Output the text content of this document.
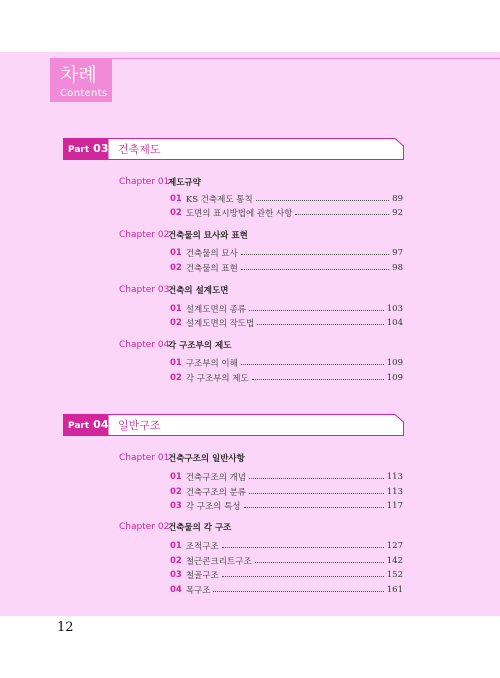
차례
Contents
Part 03 건축제도
Chapter 01
제도규약
01 KS 건축제도 통칙	89
02 도면의 표시방법에 관한 사항	92
Chapter 02
건축물의 묘사와 표현
01 건축물의 묘사	97
02 건축물의 표현	98
Chapter 03
건축의 설계도면
01 설계도면의 종류	103
02 설계도면의 작도법	104
Chapter 04
각 구조부의 제도
01 구조부의 이해	109
02 각 구조부의 제도	109
Part 04 일반구조
Chapter 01
건축구조의 일반사항
01 건축구조의 개념	113
02 건축구조의 분류	113
03 각 구조의 특성	117
Chapter 02
건축물의 각 구조
01 조적구조	127
02 철근콘크리트구조	142
03 철골구조	152
04 목구조	161
12
